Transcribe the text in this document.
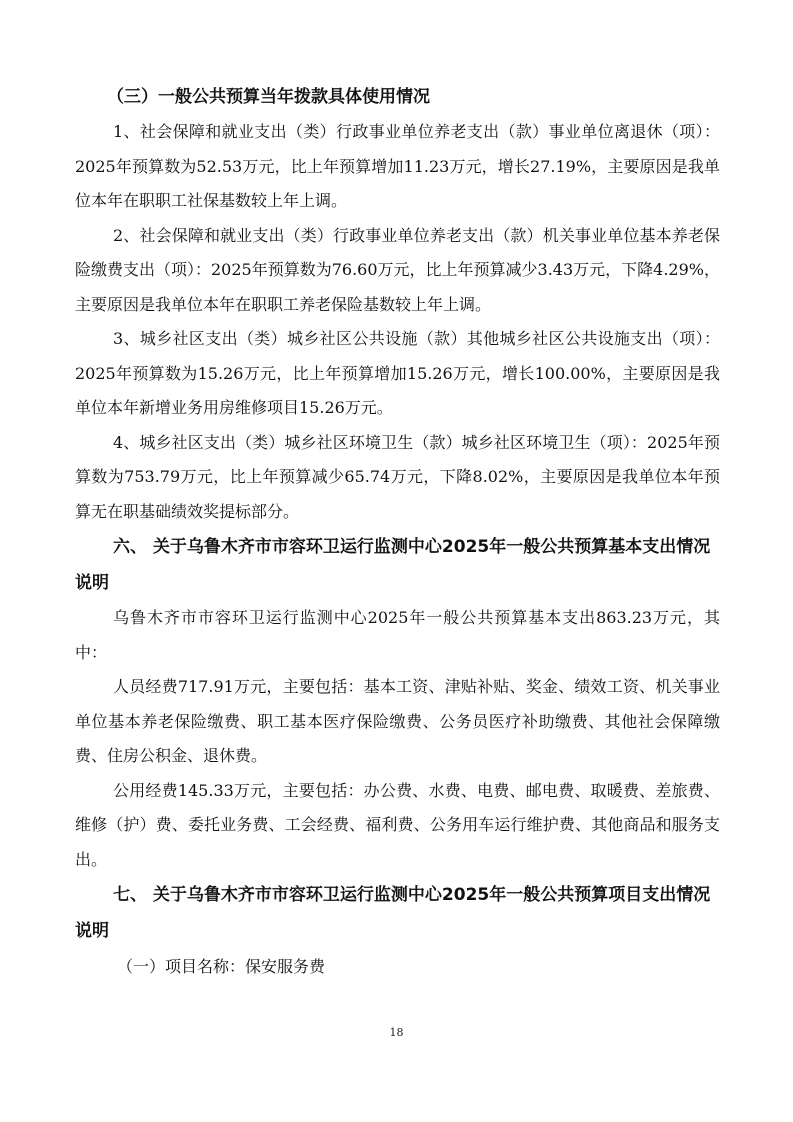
（三）一般公共预算当年拨款具体使用情况

1、社会保障和就业支出（类）行政事业单位养老支出（款）事业单位离退休（项）：2025年预算数为52.53万元，比上年预算增加11.23万元，增长27.19%，主要原因是我单位本年在职职工社保基数较上年上调。

2、社会保障和就业支出（类）行政事业单位养老支出（款）机关事业单位基本养老保险缴费支出（项）：2025年预算数为76.60万元，比上年预算减少3.43万元，下降4.29%，主要原因是我单位本年在职职工养老保险基数较上年上调。

3、城乡社区支出（类）城乡社区公共设施（款）其他城乡社区公共设施支出（项）：2025年预算数为15.26万元，比上年预算增加15.26万元，增长100.00%，主要原因是我单位本年新增业务用房维修项目15.26万元。

4、城乡社区支出（类）城乡社区环境卫生（款）城乡社区环境卫生（项）：2025年预算数为753.79万元，比上年预算减少65.74万元，下降8.02%，主要原因是我单位本年预算无在职基础绩效奖提标部分。

六、 关于乌鲁木齐市市容环卫运行监测中心2025年一般公共预算基本支出情况说明

乌鲁木齐市市容环卫运行监测中心2025年一般公共预算基本支出863.23万元，其中：

人员经费717.91万元，主要包括：基本工资、津贴补贴、奖金、绩效工资、机关事业单位基本养老保险缴费、职工基本医疗保险缴费、公务员医疗补助缴费、其他社会保障缴费、住房公积金、退休费。

公用经费145.33万元，主要包括：办公费、水费、电费、邮电费、取暖费、差旅费、维修（护）费、委托业务费、工会经费、福利费、公务用车运行维护费、其他商品和服务支出。

七、 关于乌鲁木齐市市容环卫运行监测中心2025年一般公共预算项目支出情况说明

（一）项目名称：保安服务费

18
